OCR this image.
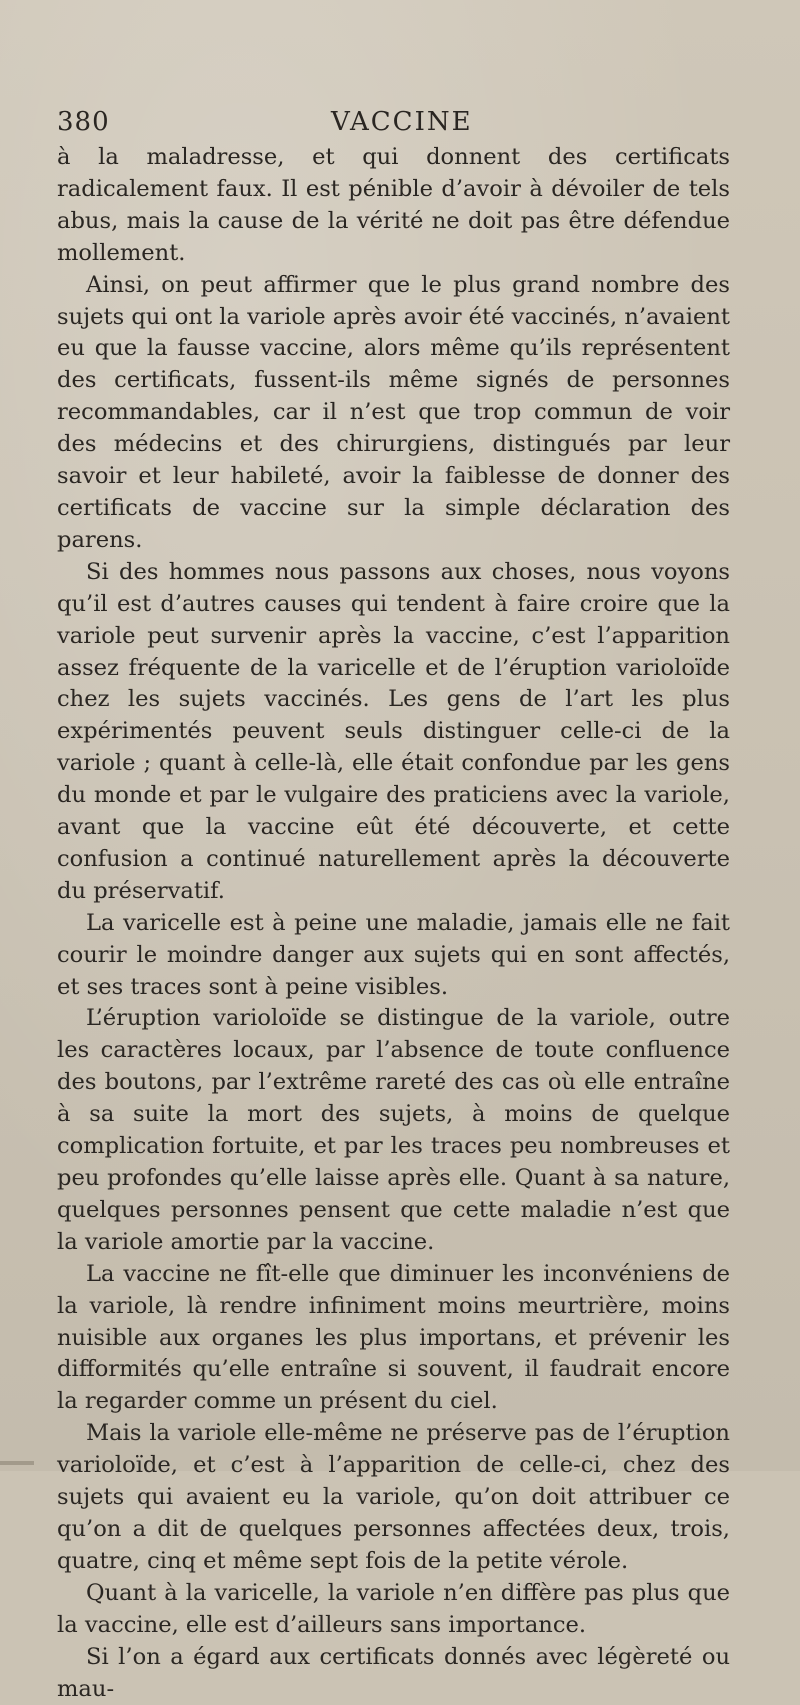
380	VACCINE

à la maladresse, et qui donnent des certificats radicalement faux. Il est pénible d’avoir à dévoiler de tels abus, mais la cause de la vérité ne doit pas être défendue mollement.

Ainsi, on peut affirmer que le plus grand nombre des sujets qui ont la variole après avoir été vaccinés, n’avaient eu que la fausse vaccine, alors même qu’ils représentent des certificats, fussent-ils même signés de personnes recommandables, car il n’est que trop commun de voir des médecins et des chirurgiens, distingués par leur savoir et leur habileté, avoir la faiblesse de donner des certificats de vaccine sur la simple déclaration des parens.

Si des hommes nous passons aux choses, nous voyons qu’il est d’autres causes qui tendent à faire croire que la variole peut survenir après la vaccine, c’est l’apparition assez fréquente de la varicelle et de l’éruption varioloïde chez les sujets vaccinés. Les gens de l’art les plus expérimentés peuvent seuls distinguer celle-ci de la variole ; quant à celle-là, elle était confondue par les gens du monde et par le vulgaire des praticiens avec la variole, avant que la vaccine eût été découverte, et cette confusion a continué naturellement après la découverte du préservatif.

La varicelle est à peine une maladie, jamais elle ne fait courir le moindre danger aux sujets qui en sont affectés, et ses traces sont à peine visibles.

L’éruption varioloïde se distingue de la variole, outre les caractères locaux, par l’absence de toute confluence des boutons, par l’extrême rareté des cas où elle entraîne à sa suite la mort des sujets, à moins de quelque complication fortuite, et par les traces peu nombreuses et peu profondes qu’elle laisse après elle. Quant à sa nature, quelques personnes pensent que cette maladie n’est que la variole amortie par la vaccine.

La vaccine ne fît-elle que diminuer les inconvéniens de la variole, là rendre infiniment moins meurtrière, moins nuisible aux organes les plus importans, et prévenir les difformités qu’elle entraîne si souvent, il faudrait encore la regarder comme un présent du ciel.

Mais la variole elle-même ne préserve pas de l’éruption varioloïde, et c’est à l’apparition de celle-ci, chez des sujets qui avaient eu la variole, qu’on doit attribuer ce qu’on a dit de quelques personnes affectées deux, trois, quatre, cinq et même sept fois de la petite vérole.

Quant à la varicelle, la variole n’en diffère pas plus que la vaccine, elle est d’ailleurs sans importance.

Si l’on a égard aux certificats donnés avec légèreté ou mau-
